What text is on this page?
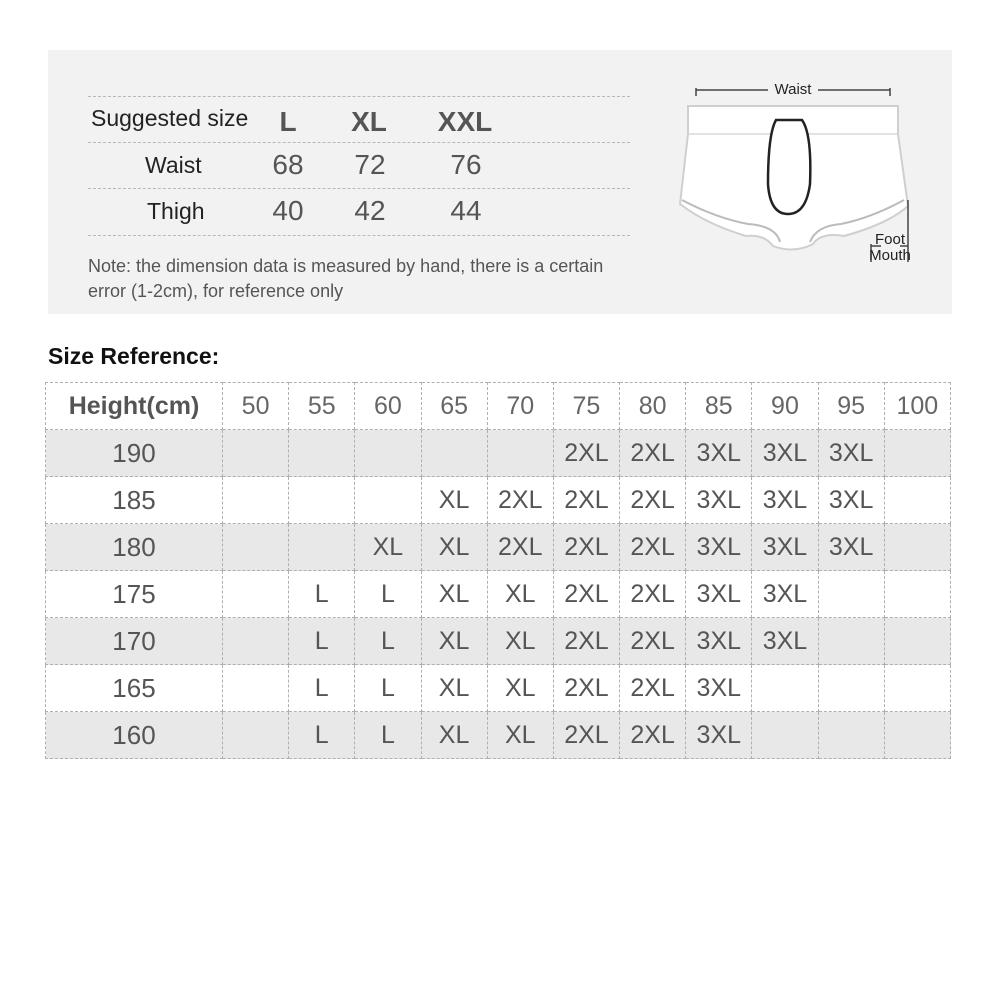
Suggested size	L	XL	XXL
Waist	68	72	76
Thigh	40	42	44
Note: the dimension data is measured by hand, there is a certain
error (1-2cm), for reference only
Waist
Foot
Mouth
Size Reference:
Height(cm)	50	55	60	65	70	75	80	85	90	95	100
190						2XL	2XL	3XL	3XL	3XL	
185				XL	2XL	2XL	2XL	3XL	3XL	3XL	
180			XL	XL	2XL	2XL	2XL	3XL	3XL	3XL	
175		L	L	XL	XL	2XL	2XL	3XL	3XL		
170		L	L	XL	XL	2XL	2XL	3XL	3XL		
165		L	L	XL	XL	2XL	2XL	3XL			
160		L	L	XL	XL	2XL	2XL	3XL			
